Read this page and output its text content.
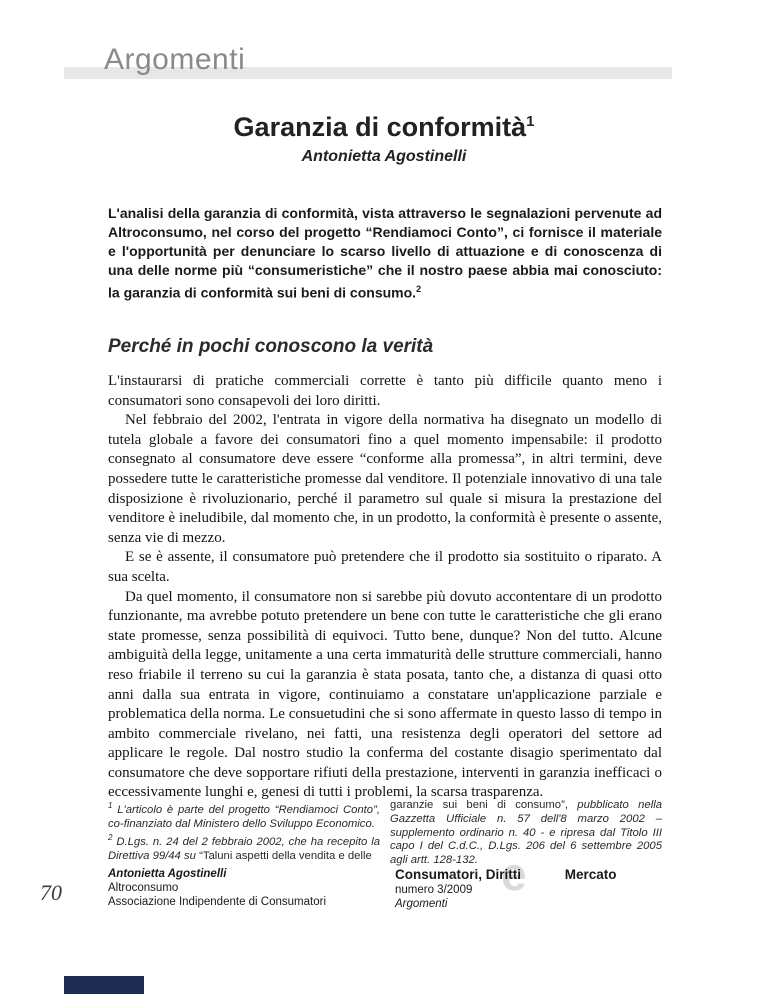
Argomenti
Garanzia di conformità$^1$
Antonietta Agostinelli
L'analisi della garanzia di conformità, vista attraverso le segnalazioni pervenute ad Altroconsumo, nel corso del progetto “Rendiamoci Conto”, ci fornisce il materiale e l'opportunità per denunciare lo scarso livello di attuazione e di conoscenza di una delle norme più “consumeristiche” che il nostro paese abbia mai conosciuto: la garanzia di conformità sui beni di consumo.$^2$
Perché in pochi conoscono la verità

L'instaurarsi di pratiche commerciali corrette è tanto più difficile quanto meno i consumatori sono consapevoli dei loro diritti.

Nel febbraio del 2002, l'entrata in vigore della normativa ha disegnato un modello di tutela globale a favore dei consumatori fino a quel momento impensabile: il prodotto consegnato al consumatore deve essere “conforme alla promessa”, in altri termini, deve possedere tutte le caratteristiche promesse dal venditore. Il potenziale innovativo di una tale disposizione è rivoluzionario, perché il parametro sul quale si misura la prestazione del venditore è ineludibile, dal momento che, in un prodotto, la conformità è presente o assente, senza vie di mezzo.

E se è assente, il consumatore può pretendere che il prodotto sia sostituito o riparato. A sua scelta.

Da quel momento, il consumatore non si sarebbe più dovuto accontentare di un prodotto funzionante, ma avrebbe potuto pretendere un bene con tutte le caratteristiche che gli erano state promesse, senza possibilità di equivoci. Tutto bene, dunque? Non del tutto. Alcune ambiguità della legge, unitamente a una certa immaturità delle strutture commerciali, hanno reso friabile il terreno su cui la garanzia è stata posata, tanto che, a distanza di quasi otto anni dalla sua entrata in vigore, continuiamo a constatare un'applicazione parziale e problematica della norma. Le consuetudini che si sono affermate in questo lasso di tempo in ambito commerciale rivelano, nei fatti, una resistenza degli operatori del settore ad applicare le regole. Dal nostro studio la conferma del costante disagio sperimentato dal consumatore che deve sopportare rifiuti della prestazione, interventi in garanzia inefficaci o eccessivamente lunghi e, genesi di tutti i problemi, la scarsa trasparenza.

$^1$ L'articolo è parte del progetto “Rendiamoci Conto”, co-finanziato dal Ministero dello Sviluppo Economico.
$^2$ D.Lgs. n. 24 del 2 febbraio 2002, che ha recepito la Direttiva 99/44 su “Taluni aspetti della vendita e delle
garanzie sui beni di consumo”, pubblicato nella Gazzetta Ufficiale n. 57 dell'8 marzo 2002 – supplemento ordinario n. 40 - e ripresa dal Titolo III capo I del C.d.C., D.Lgs. 206 del 6 settembre 2005 agli artt. 128-132.
70
Antonietta Agostinelli
Altroconsumo
Associazione Indipendente di Consumatori
e
Consumatori, Diritti	Mercato
numero 3/2009
Argomenti
